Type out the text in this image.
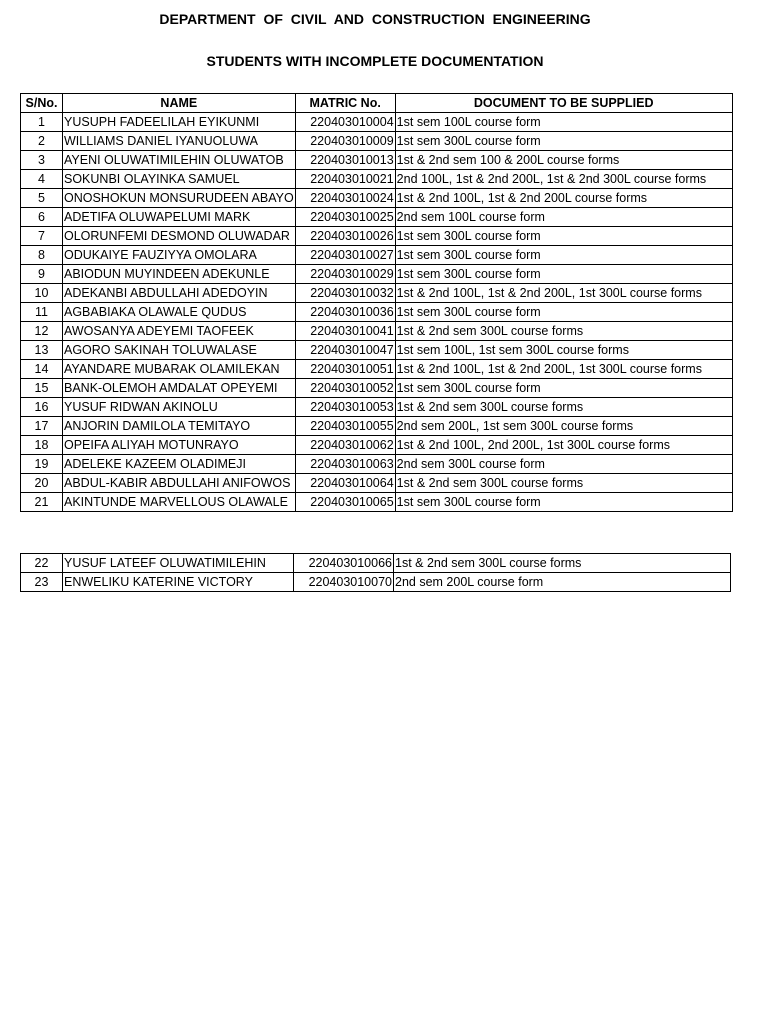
DEPARTMENT OF CIVIL AND CONSTRUCTION ENGINEERING
STUDENTS WITH INCOMPLETE DOCUMENTATION
S/No.	NAME	MATRIC No.	DOCUMENT TO BE SUPPLIED
1	YUSUPH FADEELILAH EYIKUNMI	220403010004	1st sem 100L course form
2	WILLIAMS DANIEL IYANUOLUWA	220403010009	1st sem 300L course form
3	AYENI OLUWATIMILEHIN OLUWATOB	220403010013	1st & 2nd sem 100 & 200L course forms
4	SOKUNBI OLAYINKA SAMUEL	220403010021	2nd 100L, 1st & 2nd 200L, 1st & 2nd 300L course forms
5	ONOSHOKUN MONSURUDEEN ABAYO	220403010024	1st & 2nd 100L, 1st & 2nd 200L course forms
6	ADETIFA OLUWAPELUMI MARK	220403010025	2nd sem 100L course form
7	OLORUNFEMI DESMOND OLUWADAR	220403010026	1st sem 300L course form
8	ODUKAIYE FAUZIYYA OMOLARA	220403010027	1st sem 300L course form
9	ABIODUN MUYINDEEN ADEKUNLE	220403010029	1st sem 300L course form
10	ADEKANBI ABDULLAHI ADEDOYIN	220403010032	1st & 2nd 100L, 1st & 2nd 200L, 1st 300L course forms
11	AGBABIAKA OLAWALE QUDUS	220403010036	1st sem 300L course form
12	AWOSANYA ADEYEMI TAOFEEK	220403010041	1st & 2nd sem 300L course forms
13	AGORO SAKINAH TOLUWALASE	220403010047	1st sem 100L, 1st sem 300L course forms
14	AYANDARE MUBARAK OLAMILEKAN	220403010051	1st & 2nd 100L, 1st & 2nd 200L, 1st 300L course forms
15	BANK-OLEMOH AMDALAT OPEYEMI	220403010052	1st sem 300L course form
16	YUSUF RIDWAN AKINOLU	220403010053	1st & 2nd sem 300L course forms
17	ANJORIN DAMILOLA TEMITAYO	220403010055	2nd sem 200L, 1st sem 300L course forms
18	OPEIFA ALIYAH MOTUNRAYO	220403010062	1st & 2nd 100L, 2nd 200L, 1st 300L course forms
19	ADELEKE KAZEEM OLADIMEJI	220403010063	2nd sem 300L course form
20	ABDUL-KABIR ABDULLAHI ANIFOWOS	220403010064	1st & 2nd sem 300L course forms
21	AKINTUNDE MARVELLOUS OLAWALE	220403010065	1st sem 300L course form
22	YUSUF LATEEF OLUWATIMILEHIN	220403010066	1st & 2nd sem 300L course forms
23	ENWELIKU KATERINE VICTORY	220403010070	2nd sem 200L course form
